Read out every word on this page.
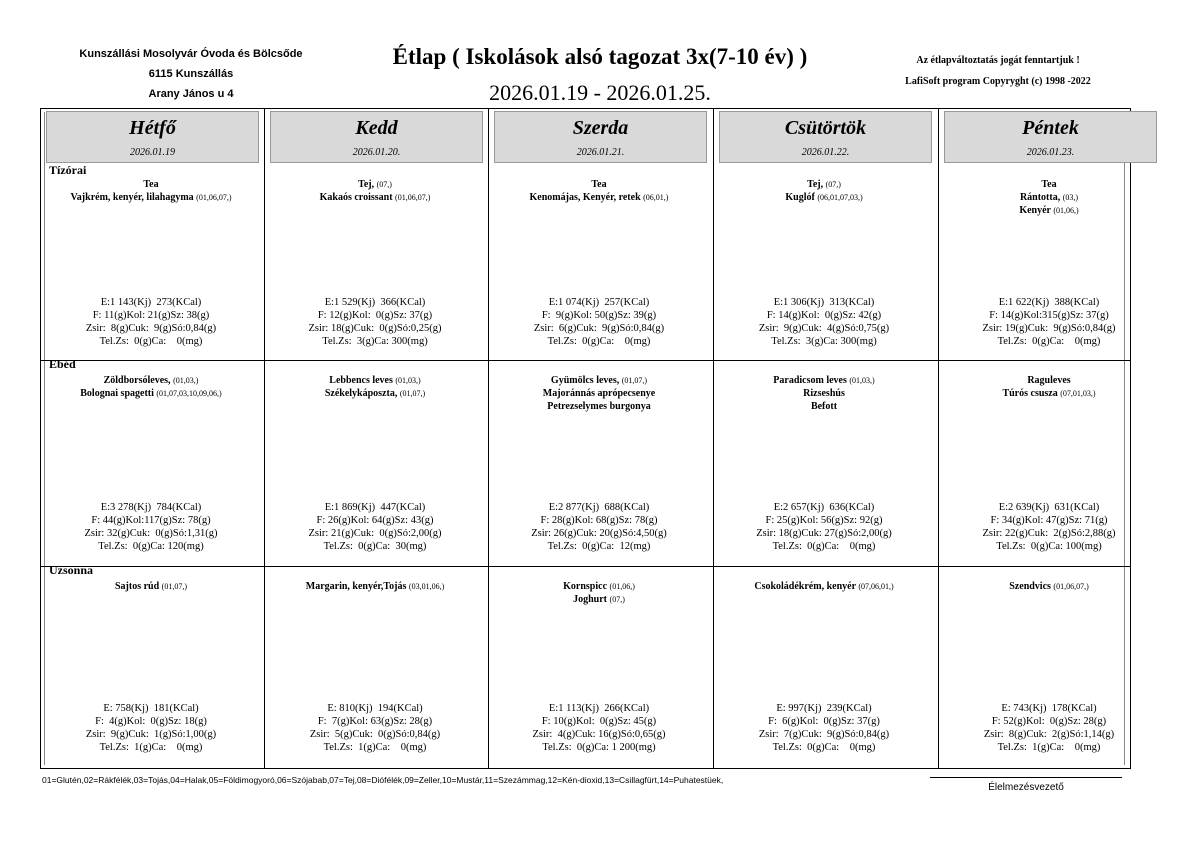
Kunszállási Mosolyvár Óvoda és Bölcsőde
6115 Kunszállás
Arany János u 4
Étlap ( Iskolások alsó tagozat 3x(7-10 év) )
2026.01.19 - 2026.01.25.
Az étlapváltoztatás jogát fenntartjuk !
LafiSoft program Copyryght (c) 1998 -2022
Tízórai
Ebéd
Uzsonna
Hétfő
2026.01.19
Tea
Vajkrém, kenyér, lilahagyma (01,06,07,)
E:1 143(Kj)  273(KCal)
F: 11(g)Kol: 21(g)Sz: 38(g)
Zsir:  8(g)Cuk:  9(g)Só:0,84(g)
Tel.Zs:  0(g)Ca:    0(mg)
Zöldborsóleves, (01,03,)
Bolognai spagetti (01,07,03,10,09,06,)
E:3 278(Kj)  784(KCal)
F: 44(g)Kol:117(g)Sz: 78(g)
Zsir: 32(g)Cuk:  0(g)Só:1,31(g)
Tel.Zs:  0(g)Ca: 120(mg)
Sajtos rúd (01,07,)
E: 758(Kj)  181(KCal)
F:  4(g)Kol:  0(g)Sz: 18(g)
Zsir:  9(g)Cuk:  1(g)Só:1,00(g)
Tel.Zs:  1(g)Ca:    0(mg)
Kedd
2026.01.20.
Tej, (07,)
Kakaós croissant (01,06,07,)
E:1 529(Kj)  366(KCal)
F: 12(g)Kol:  0(g)Sz: 37(g)
Zsir: 18(g)Cuk:  0(g)Só:0,25(g)
Tel.Zs:  3(g)Ca: 300(mg)
Lebbencs leves (01,03,)
Székelykáposzta, (01,07,)
E:1 869(Kj)  447(KCal)
F: 26(g)Kol: 64(g)Sz: 43(g)
Zsir: 21(g)Cuk:  0(g)Só:2,00(g)
Tel.Zs:  0(g)Ca:  30(mg)
Margarin, kenyér,Tojás (03,01,06,)
E: 810(Kj)  194(KCal)
F:  7(g)Kol: 63(g)Sz: 28(g)
Zsir:  5(g)Cuk:  0(g)Só:0,84(g)
Tel.Zs:  1(g)Ca:    0(mg)
Szerda
2026.01.21.
Tea
Kenomájas, Kenyér, retek (06,01,)
E:1 074(Kj)  257(KCal)
F:  9(g)Kol: 50(g)Sz: 39(g)
Zsir:  6(g)Cuk:  9(g)Só:0,84(g)
Tel.Zs:  0(g)Ca:    0(mg)
Gyümölcs leves, (01,07,)
Majoránnás aprópecsenye
Petrezselymes burgonya
E:2 877(Kj)  688(KCal)
F: 28(g)Kol: 68(g)Sz: 78(g)
Zsir: 26(g)Cuk: 20(g)Só:4,50(g)
Tel.Zs:  0(g)Ca:  12(mg)
Kornspicc (01,06,)
Joghurt (07,)
E:1 113(Kj)  266(KCal)
F: 10(g)Kol:  0(g)Sz: 45(g)
Zsir:  4(g)Cuk: 16(g)Só:0,65(g)
Tel.Zs:  0(g)Ca: 1 200(mg)
Csütörtök
2026.01.22.
Tej, (07,)
Kuglóf (06,01,07,03,)
E:1 306(Kj)  313(KCal)
F: 14(g)Kol:  0(g)Sz: 42(g)
Zsir:  9(g)Cuk:  4(g)Só:0,75(g)
Tel.Zs:  3(g)Ca: 300(mg)
Paradicsom leves (01,03,)
Rizseshús
Befott
E:2 657(Kj)  636(KCal)
F: 25(g)Kol: 56(g)Sz: 92(g)
Zsir: 18(g)Cuk: 27(g)Só:2,00(g)
Tel.Zs:  0(g)Ca:    0(mg)
Csokoládékrém, kenyér (07,06,01,)
E: 997(Kj)  239(KCal)
F:  6(g)Kol:  0(g)Sz: 37(g)
Zsir:  7(g)Cuk:  9(g)Só:0,84(g)
Tel.Zs:  0(g)Ca:    0(mg)
Péntek
2026.01.23.
Tea
Rántotta, (03,)
Kenyér (01,06,)
E:1 622(Kj)  388(KCal)
F: 14(g)Kol:315(g)Sz: 37(g)
Zsir: 19(g)Cuk:  9(g)Só:0,84(g)
Tel.Zs:  0(g)Ca:    0(mg)
Raguleves
Túrós csusza (07,01,03,)
E:2 639(Kj)  631(KCal)
F: 34(g)Kol: 47(g)Sz: 71(g)
Zsir: 22(g)Cuk:  2(g)Só:2,88(g)
Tel.Zs:  0(g)Ca: 100(mg)
Szendvics (01,06,07,)
E: 743(Kj)  178(KCal)
F: 52(g)Kol:  0(g)Sz: 28(g)
Zsir:  8(g)Cuk:  2(g)Só:1,14(g)
Tel.Zs:  1(g)Ca:    0(mg)
01=Glutén,02=Rákfélék,03=Tojás,04=Halak,05=Földimogyoró,06=Szójabab,07=Tej,08=Diófélék,09=Zeller,10=Mustár,11=Szezámmag,12=Kén-dioxid,13=Csillagfürt,14=Puhatestüek,
Élelmezésvezető
